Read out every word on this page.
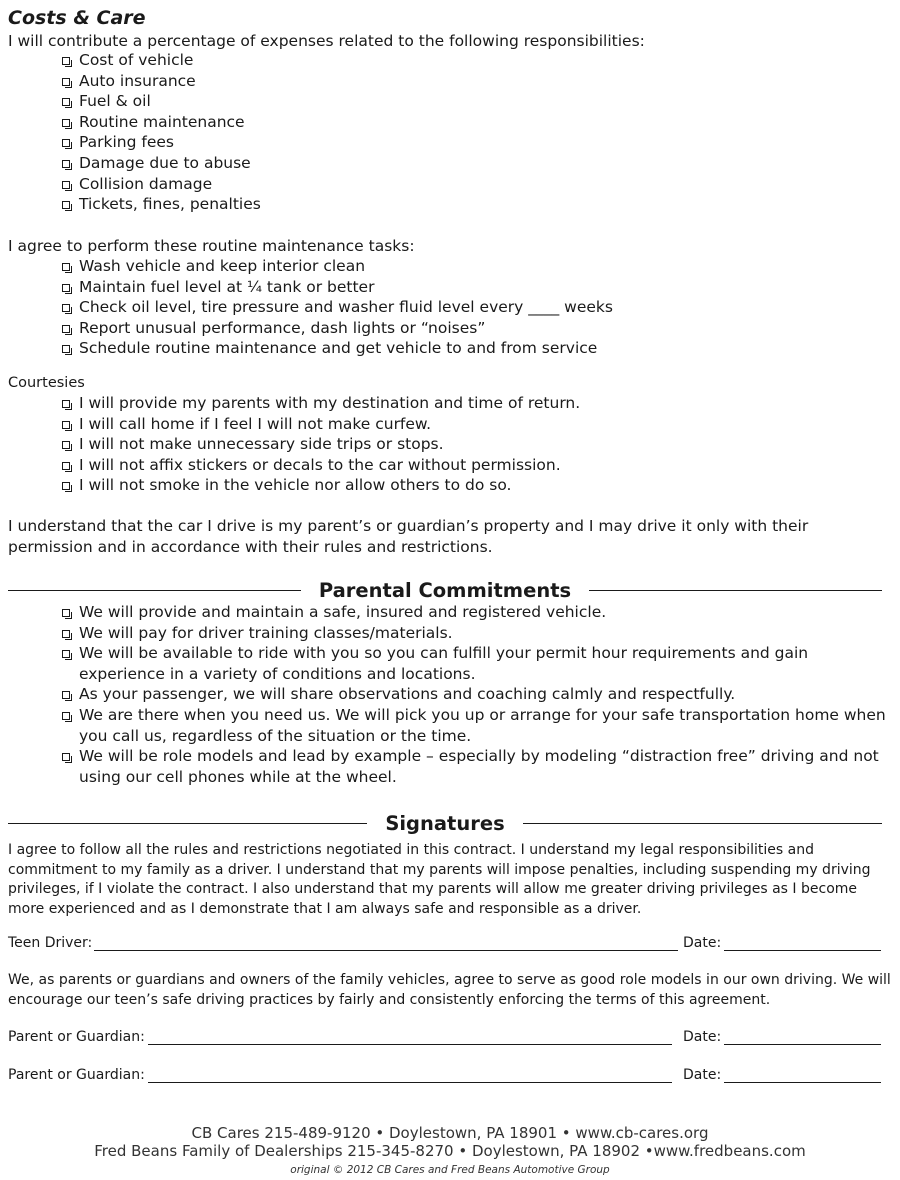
Costs & Care

I will contribute a percentage of expenses related to the following responsibilities:

Cost of vehicle
Auto insurance
Fuel & oil
Routine maintenance
Parking fees
Damage due to abuse
Collision damage
Tickets, fines, penalties

I agree to perform these routine maintenance tasks:

Wash vehicle and keep interior clean
Maintain fuel level at ¼ tank or better
Check oil level, tire pressure and washer fluid level every ____ weeks
Report unusual performance, dash lights or “noises”
Schedule routine maintenance and get vehicle to and from service

Courtesies

I will provide my parents with my destination and time of return.
I will call home if I feel I will not make curfew.
I will not make unnecessary side trips or stops.
I will not affix stickers or decals to the car without permission.
I will not smoke in the vehicle nor allow others to do so.

I understand that the car I drive is my parent’s or guardian’s property and I may drive it only with their permission and in accordance with their rules and restrictions.

Parental Commitments
We will provide and maintain a safe, insured and registered vehicle.
We will pay for driver training classes/materials.
We will be available to ride with you so you can fulfill your permit hour requirements and gain experience in a variety of conditions and locations.
As your passenger, we will share observations and coaching calmly and respectfully.
We are there when you need us. We will pick you up or arrange for your safe transportation home when you call us, regardless of the situation or the time.
We will be role models and lead by example – especially by modeling “distraction free” driving and not using our cell phones while at the wheel.
Signatures

I agree to follow all the rules and restrictions negotiated in this contract. I understand my legal responsibilities and commitment to my family as a driver. I understand that my parents will impose penalties, including suspending my driving privileges, if I violate the contract. I also understand that my parents will allow me greater driving privileges as I become more experienced and as I demonstrate that I am always safe and responsible as a driver.

Teen Driver:	Date:

We, as parents or guardians and owners of the family vehicles, agree to serve as good role models in our own driving. We will encourage our teen’s safe driving practices by fairly and consistently enforcing the terms of this agreement.

Parent or Guardian:	Date:
Parent or Guardian:	Date:

CB Cares 215-489-9120 • Doylestown, PA 18901 • www.cb-cares.org

Fred Beans Family of Dealerships 215-345-8270 • Doylestown, PA 18902 •www.fredbeans.com

original © 2012 CB Cares and Fred Beans Automotive Group
